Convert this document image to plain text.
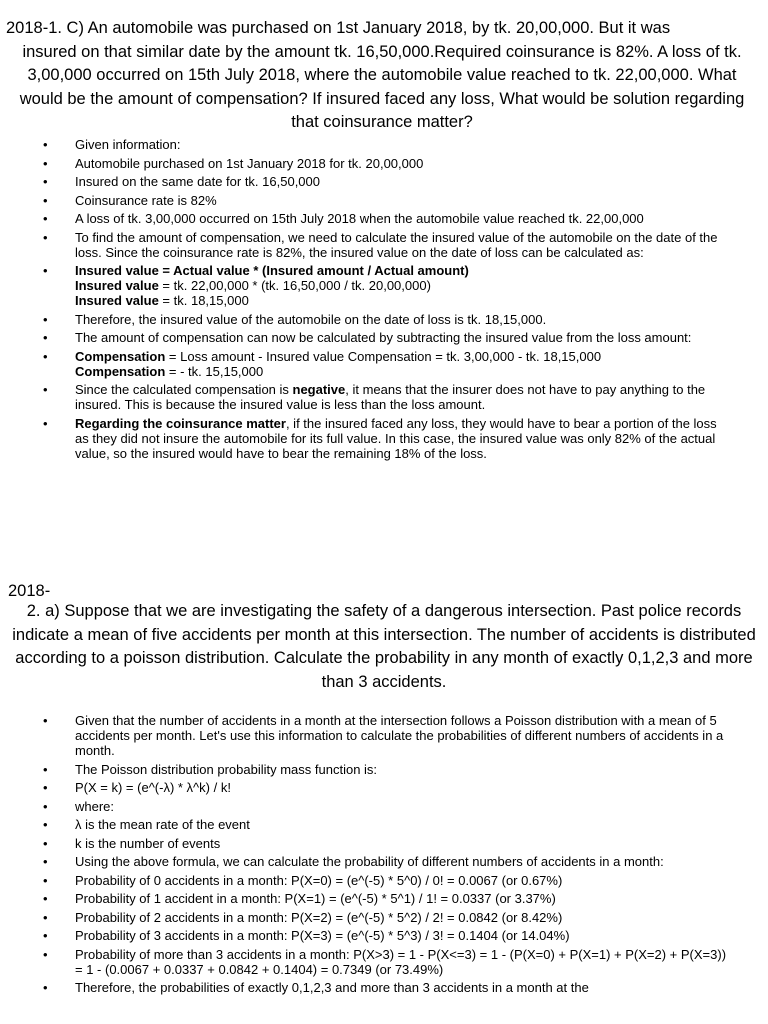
2018-1. C) An automobile was purchased on 1st January 2018, by tk. 20,00,000. But it was
insured on that similar date by the amount tk. 16,50,000.Required coinsurance is 82%. A loss of tk. 3,00,000 occurred on 15th July 2018, where the automobile value reached to tk. 22,00,000. What would be the amount of compensation? If insured faced any loss, What would be solution regarding that coinsurance matter?
• Given information:
• Automobile purchased on 1st January 2018 for tk. 20,00,000
• Insured on the same date for tk. 16,50,000
• Coinsurance rate is 82%
• A loss of tk. 3,00,000 occurred on 15th July 2018 when the automobile value reached tk. 22,00,000
• To find the amount of compensation, we need to calculate the insured value of the automobile on the date of the loss. Since the coinsurance rate is 82%, the insured value on the date of loss can be calculated as:
• Insured value = Actual value * (Insured amount / Actual amount)
Insured value = tk. 22,00,000 * (tk. 16,50,000 / tk. 20,00,000)
Insured value = tk. 18,15,000
• Therefore, the insured value of the automobile on the date of loss is tk. 18,15,000.
• The amount of compensation can now be calculated by subtracting the insured value from the loss amount:
• Compensation = Loss amount - Insured value Compensation = tk. 3,00,000 - tk. 18,15,000
Compensation = - tk. 15,15,000
• Since the calculated compensation is negative, it means that the insurer does not have to pay anything to the insured. This is because the insured value is less than the loss amount.
• Regarding the coinsurance matter, if the insured faced any loss, they would have to bear a portion of the loss as they did not insure the automobile for its full value. In this case, the insured value was only 82% of the actual value, so the insured would have to bear the remaining 18% of the loss.
2018-
2. a) Suppose that we are investigating the safety of a dangerous intersection. Past police records indicate a mean of five accidents per month at this intersection. The number of accidents is distributed according to a poisson distribution. Calculate the probability in any month of exactly 0,1,2,3 and more than 3 accidents.
• Given that the number of accidents in a month at the intersection follows a Poisson distribution with a mean of 5 accidents per month. Let's use this information to calculate the probabilities of different numbers of accidents in a month.
• The Poisson distribution probability mass function is:
• P(X = k) = (e^(-λ) * λ^k) / k!
• where:
• λ is the mean rate of the event
• k is the number of events
• Using the above formula, we can calculate the probability of different numbers of accidents in a month:
• Probability of 0 accidents in a month: P(X=0) = (e^(-5) * 5^0) / 0! = 0.0067 (or 0.67%)
• Probability of 1 accident in a month: P(X=1) = (e^(-5) * 5^1) / 1! = 0.0337 (or 3.37%)
• Probability of 2 accidents in a month: P(X=2) = (e^(-5) * 5^2) / 2! = 0.0842 (or 8.42%)
• Probability of 3 accidents in a month: P(X=3) = (e^(-5) * 5^3) / 3! = 0.1404 (or 14.04%)
• Probability of more than 3 accidents in a month: P(X>3) = 1 - P(X<=3) = 1 - (P(X=0) + P(X=1) + P(X=2) + P(X=3)) = 1 - (0.0067 + 0.0337 + 0.0842 + 0.1404) = 0.7349 (or 73.49%)
• Therefore, the probabilities of exactly 0,1,2,3 and more than 3 accidents in a month at the
